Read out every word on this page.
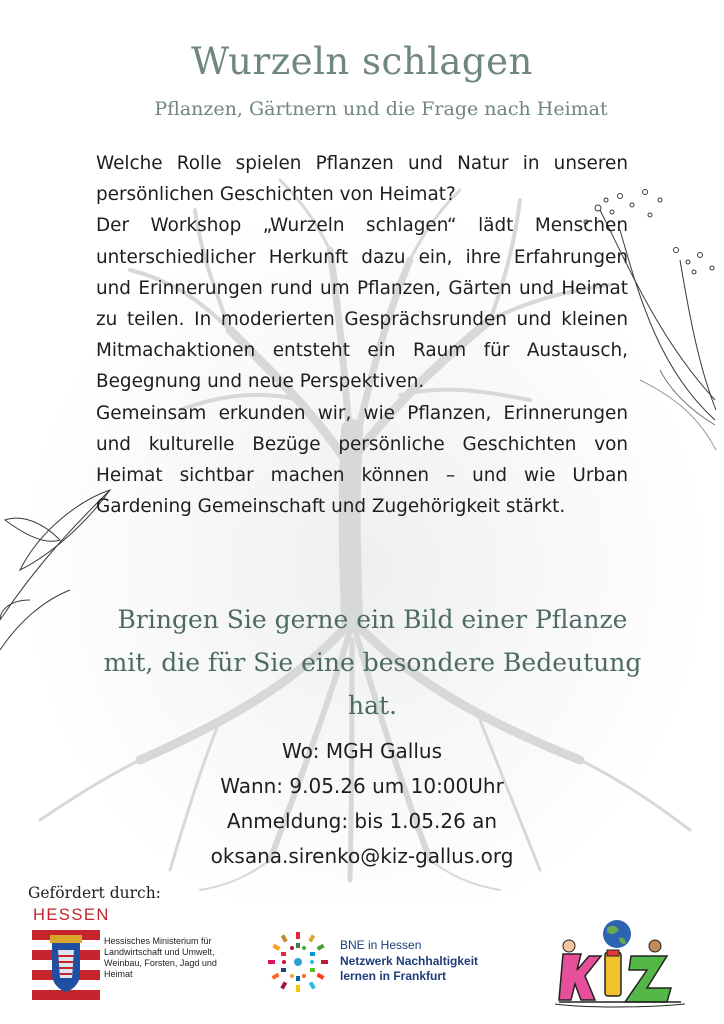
Wurzeln schlagen
Pflanzen, Gärtnern und die Frage nach Heimat

Welche Rolle spielen Pflanzen und Natur in unseren persönlichen Geschichten von Heimat?

Der Workshop „Wurzeln schlagen“ lädt Menschen unterschiedlicher Herkunft dazu ein, ihre Erfahrungen und Erinnerungen rund um Pflanzen, Gärten und Heimat zu teilen. In moderierten Gesprächsrunden und kleinen Mitmachaktionen entsteht ein Raum für Austausch, Begegnung und neue Perspektiven.

Gemeinsam erkunden wir, wie Pflanzen, Erinnerungen und kulturelle Bezüge persönliche Geschichten von Heimat sichtbar machen können – und wie Urban Gardening Gemeinschaft und Zugehörigkeit stärkt.

Bringen Sie gerne ein Bild einer Pflanze mit, die für Sie eine besondere Bedeutung hat.
Wo: MGH Gallus
Wann: 9.05.26 um 10:00Uhr
Anmeldung: bis 1.05.26 an
oksana.sirenko@kiz-gallus.org
Gefördert durch:
HESSEN
Hessisches Ministerium für
Landwirtschaft und Umwelt,
Weinbau, Forsten, Jagd und
Heimat
BNE in Hessen
Netzwerk Nachhaltigkeit
lernen in Frankfurt
